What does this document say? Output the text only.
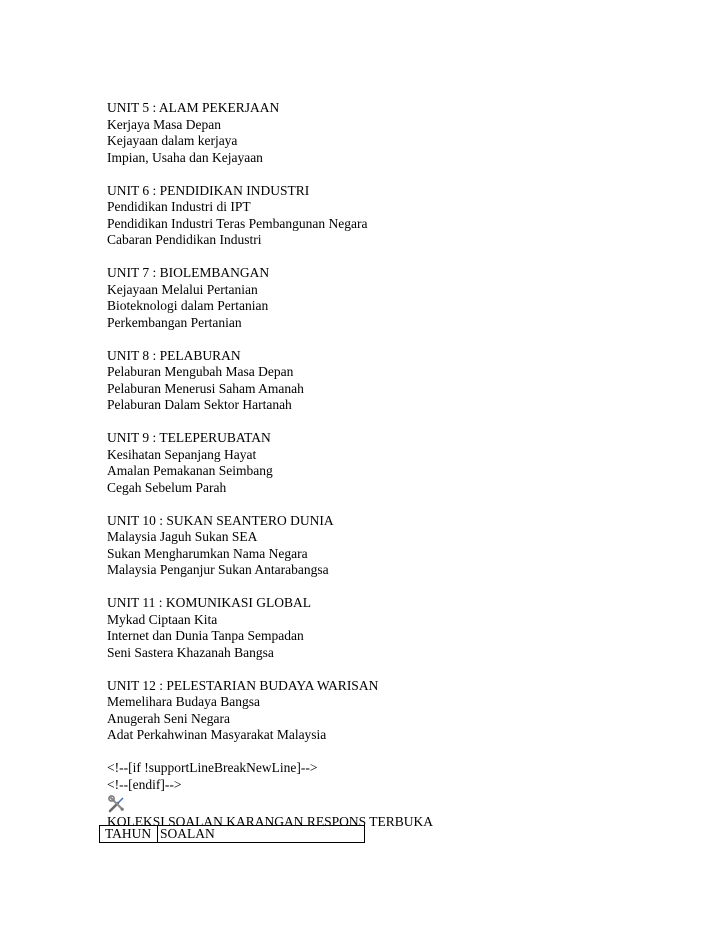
UNIT 5 : ALAM PEKERJAAN
Kerjaya Masa Depan
Kejayaan dalam kerjaya
Impian, Usaha dan Kejayaan
UNIT 6 : PENDIDIKAN INDUSTRI
Pendidikan Industri di IPT
Pendidikan Industri Teras Pembangunan Negara
Cabaran Pendidikan Industri
UNIT 7 : BIOLEMBANGAN
Kejayaan Melalui Pertanian
Bioteknologi dalam Pertanian
Perkembangan Pertanian
UNIT 8 : PELABURAN
Pelaburan Mengubah Masa Depan
Pelaburan Menerusi Saham Amanah
Pelaburan Dalam Sektor Hartanah
UNIT 9 : TELEPERUBATAN
Kesihatan Sepanjang Hayat
Amalan Pemakanan Seimbang
Cegah Sebelum Parah
UNIT 10 : SUKAN SEANTERO DUNIA
Malaysia Jaguh Sukan SEA
Sukan Mengharumkan Nama Negara
Malaysia Penganjur Sukan Antarabangsa
UNIT 11 : KOMUNIKASI GLOBAL
Mykad Ciptaan Kita
Internet dan Dunia Tanpa Sempadan
Seni Sastera Khazanah Bangsa
UNIT 12 : PELESTARIAN BUDAYA WARISAN
Memelihara Budaya Bangsa
Anugerah Seni Negara
Adat Perkahwinan Masyarakat Malaysia
<!--[if !supportLineBreakNewLine]-->
<!--[endif]-->
KOLEKSI SOALAN KARANGAN RESPONS TERBUKA
TAHUN SOALAN
